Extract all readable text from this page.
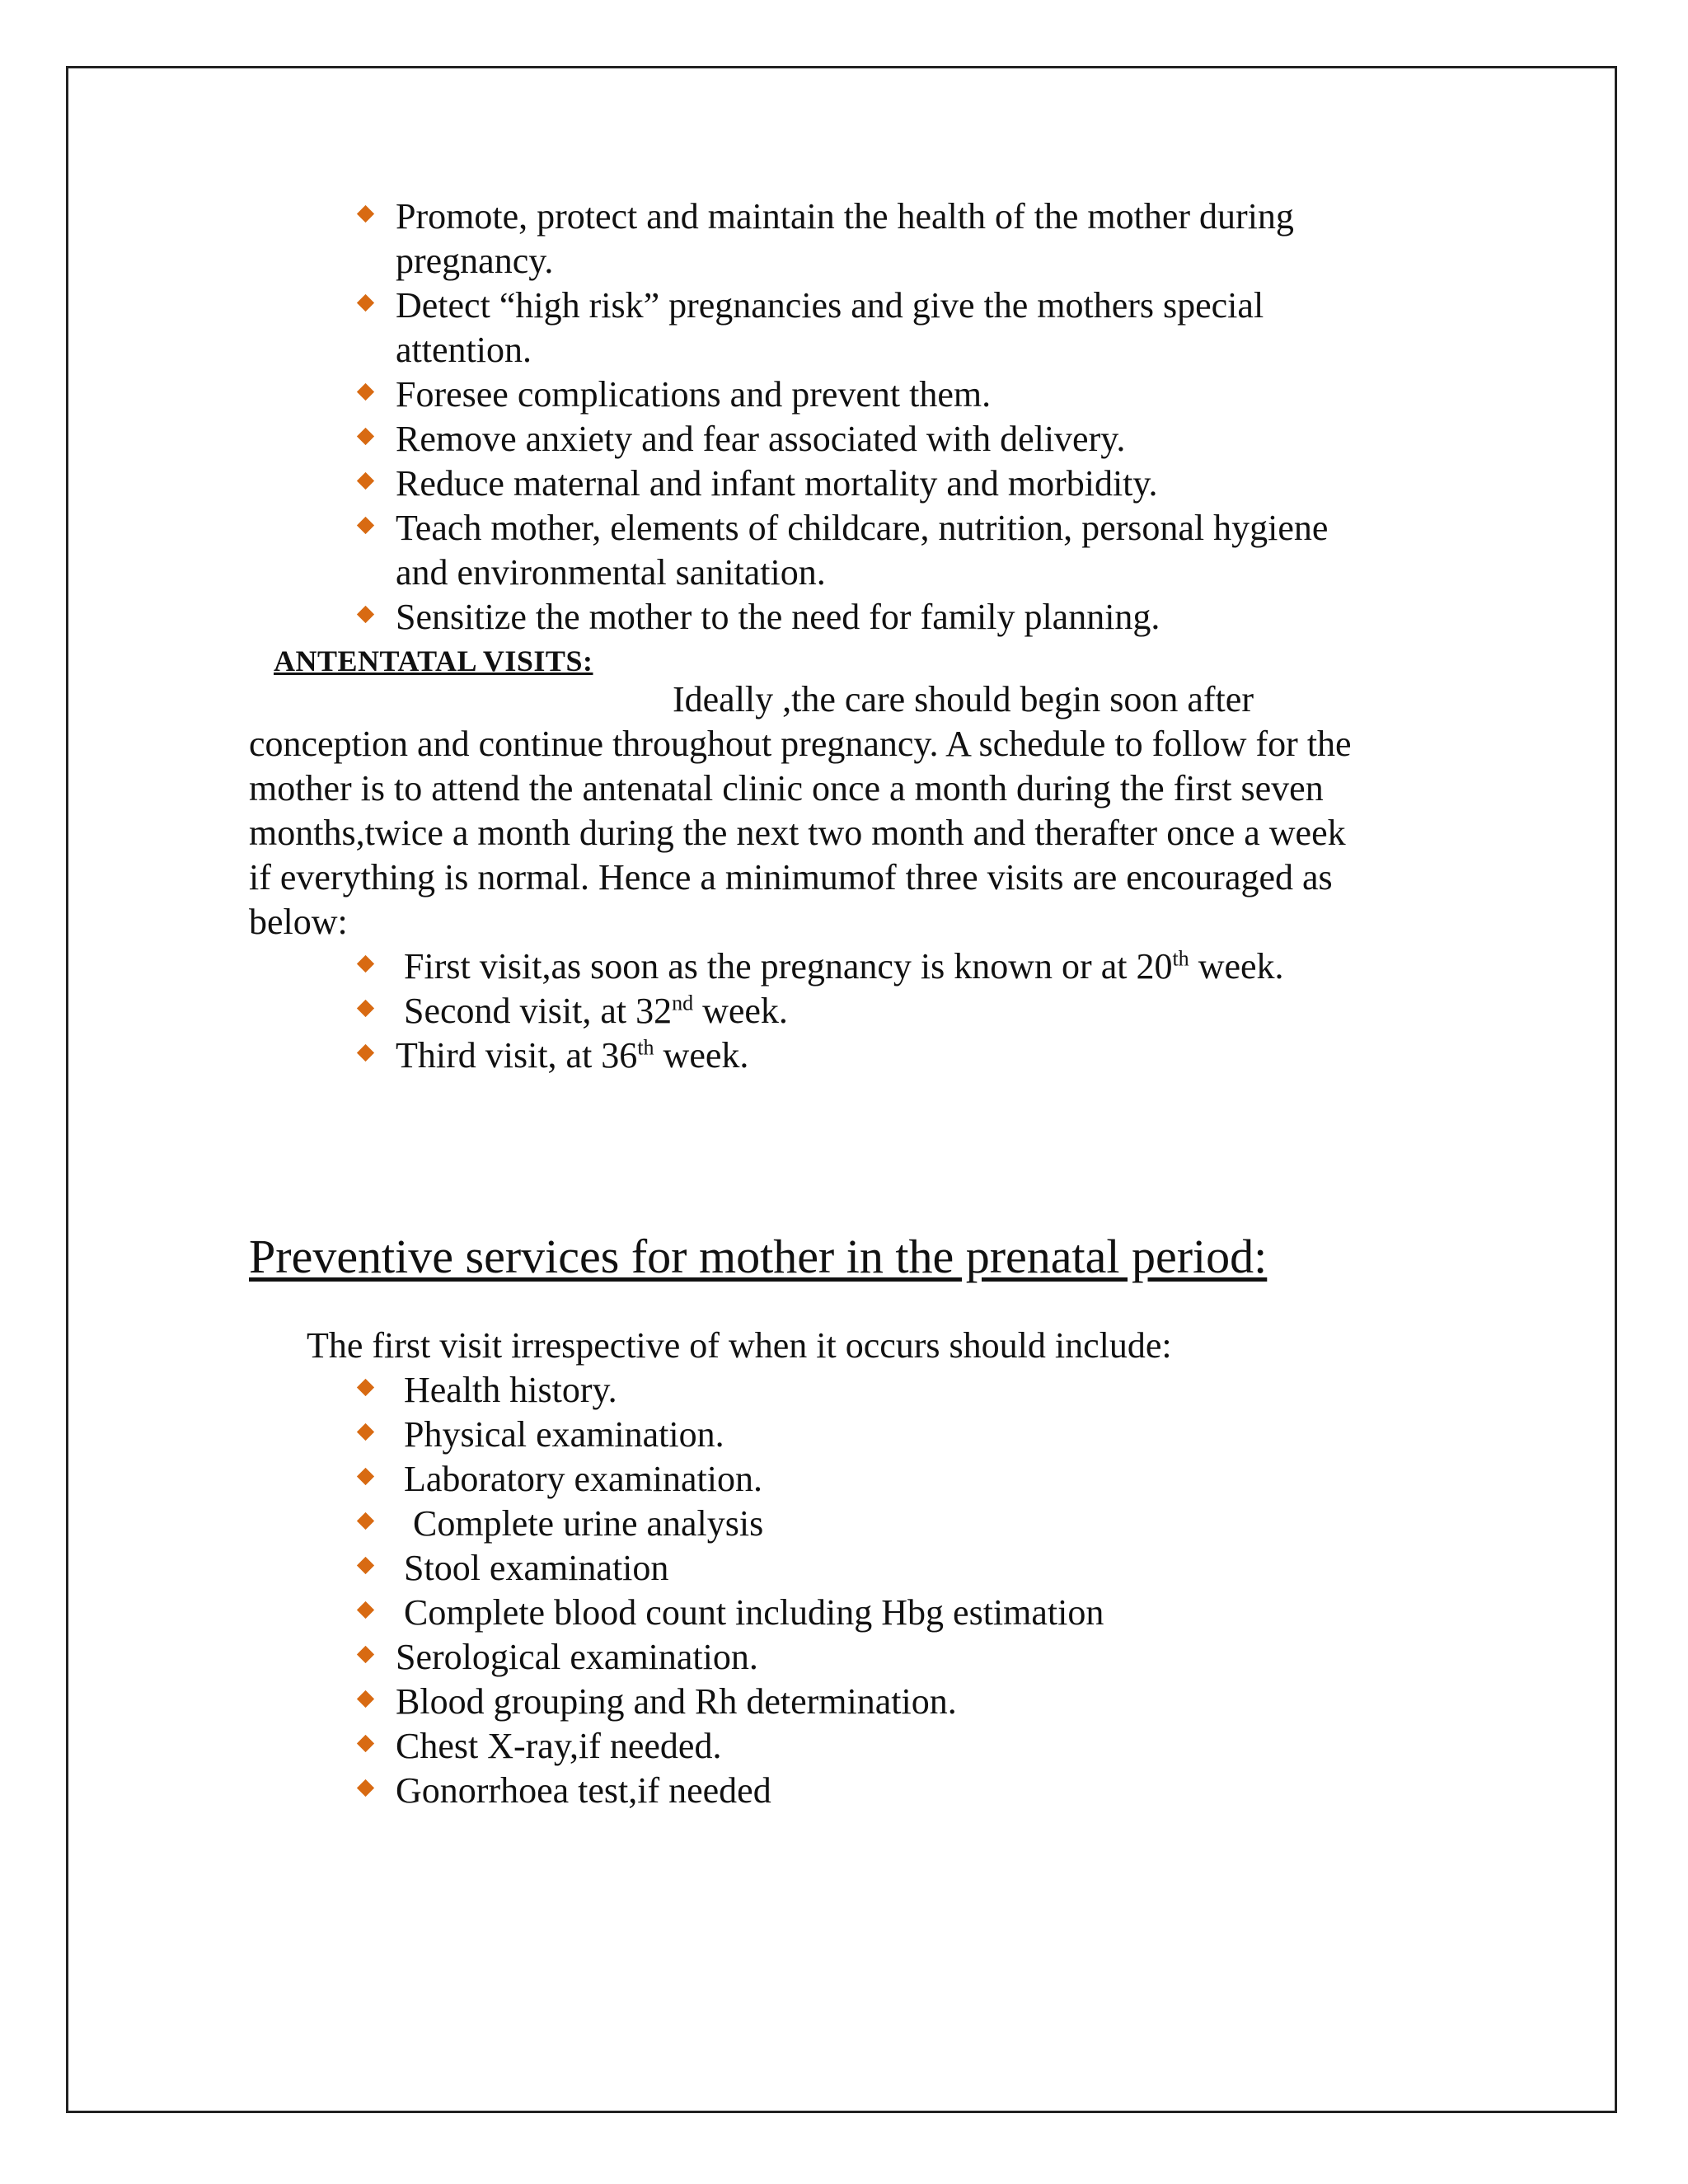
Promote, protect and maintain the health of the mother during
pregnancy.
Detect “high risk” pregnancies and give the mothers special
attention.
Foresee complications and prevent them.
Remove anxiety and fear associated with delivery.
Reduce maternal and infant mortality and morbidity.
Teach mother, elements of childcare, nutrition, personal hygiene
and environmental sanitation.
Sensitize the mother to the need for family planning.
ANTENTATAL VISITS:
Ideally ,the care should begin soon after
conception and continue throughout pregnancy. A schedule to follow for the
mother is to attend the antenatal clinic once a month during the first seven
months,twice a month during the next two month and therafter once a week
if everything is normal. Hence a minimumof three visits are encouraged as
below:
First visit,as soon as the pregnancy is known or at 20th week.
Second visit, at 32nd week.
Third visit, at 36th week.
Preventive services for mother in the prenatal period:
The first visit irrespective of when it occurs should include:
Health history.
Physical examination.
Laboratory examination.
Complete urine analysis
Stool examination
Complete blood count including Hbg estimation
Serological examination.
Blood grouping and Rh determination.
Chest X-ray,if needed.
Gonorrhoea test,if needed
